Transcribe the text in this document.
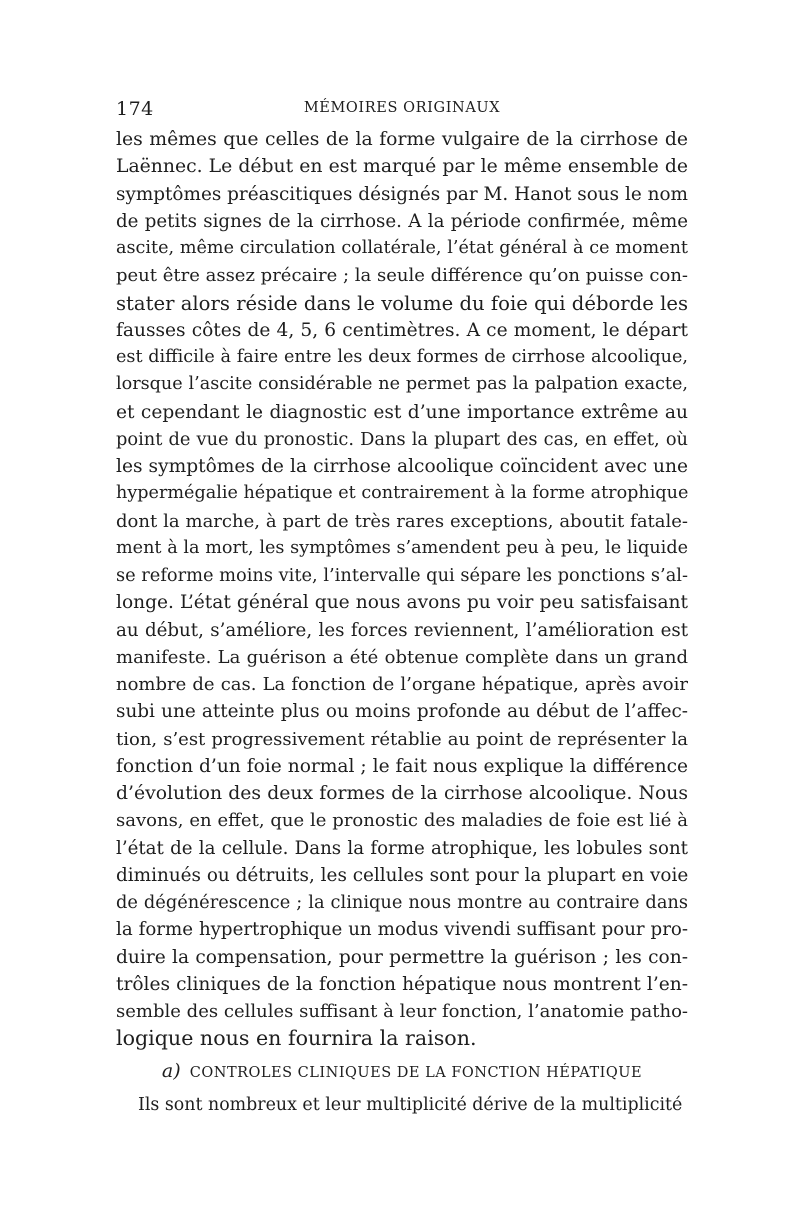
174	MÉMOIRES ORIGINAUX
les mêmes que celles de la forme vulgaire de la cirrhose de
Laënnec. Le début en est marqué par le même ensemble de
symptômes préascitiques désignés par M. Hanot sous le nom
de petits signes de la cirrhose. A la période confirmée, même
ascite, même circulation collatérale, l’état général à ce moment
peut être assez précaire ; la seule différence qu’on puisse con-
stater alors réside dans le volume du foie qui déborde les
fausses côtes de 4, 5, 6 centimètres. A ce moment, le départ
est difficile à faire entre les deux formes de cirrhose alcoolique,
lorsque l’ascite considérable ne permet pas la palpation exacte,
et cependant le diagnostic est d’une importance extrême au
point de vue du pronostic. Dans la plupart des cas, en effet, où
les symptômes de la cirrhose alcoolique coïncident avec une
hypermégalie hépatique et contrairement à la forme atrophique
dont la marche, à part de très rares exceptions, aboutit fatale-
ment à la mort, les symptômes s’amendent peu à peu, le liquide
se reforme moins vite, l’intervalle qui sépare les ponctions s’al-
longe. L’état général que nous avons pu voir peu satisfaisant
au début, s’améliore, les forces reviennent, l’amélioration est
manifeste. La guérison a été obtenue complète dans un grand
nombre de cas. La fonction de l’organe hépatique, après avoir
subi une atteinte plus ou moins profonde au début de l’affec-
tion, s’est progressivement rétablie au point de représenter la
fonction d’un foie normal ; le fait nous explique la différence
d’évolution des deux formes de la cirrhose alcoolique. Nous
savons, en effet, que le pronostic des maladies de foie est lié à
l’état de la cellule. Dans la forme atrophique, les lobules sont
diminués ou détruits, les cellules sont pour la plupart en voie
de dégénérescence ; la clinique nous montre au contraire dans
la forme hypertrophique un modus vivendi suffisant pour pro-
duire la compensation, pour permettre la guérison ; les con-
trôles cliniques de la fonction hépatique nous montrent l’en-
semble des cellules suffisant à leur fonction, l’anatomie patho-
logique nous en fournira la raison.
a) CONTROLES CLINIQUES DE LA FONCTION HÉPATIQUE
Ils sont nombreux et leur multiplicité dérive de la multiplicité
